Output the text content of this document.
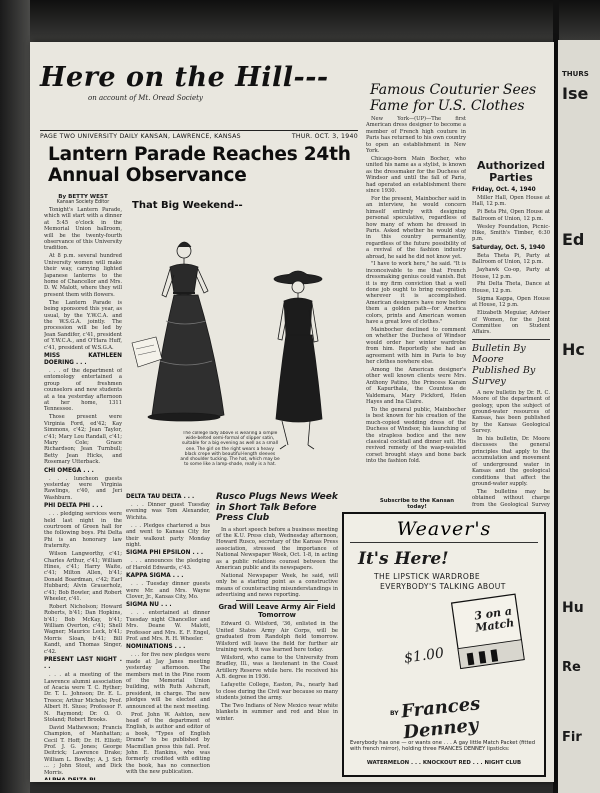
Here on the Hill---
on account of Mt. Oread Society
PAGE TWO UNIVERSITY DAILY KANSAN, LAWRENCE, KANSAS	THUR. OCT. 3, 1940
Lantern Parade Reaches 24th Annual Observance
By BETTY WEST
Kansan Society Editor

Tonight's Lantern Parade, which will start with a dinner at 5:45 o'clock in the Memorial Union ballroom, will be the twenty-fourth observance of this University tradition.

At 8 p.m. several hundred University women will make their way, carrying lighted Japanese lanterns to the home of Chancellor and Mrs. D. W. Malott, where they will present them with flowers.

The Lantern Parade is being sponsored this year, as usual, by the Y.W.C.A. and the W.S.G.A. jointly. The procession will be led by Jean Sandifer, c'41, president of Y.W.C.A., and O'Hara Huff, c'41, president of W.S.G.A.

MISS KATHLEEN DOERING . . .

. . . of the department of entomology entertained a group of freshmen counselors and new students at a tea yesterday afternoon at her home, 1311 Tennessee.

Those present were Virginia Ford, ed'42; Kay Simmons, c'42; Jean Taylor, c'41; Mary Lou Randall, c'41; Mary Cole; Grace Richardson; Jean Turnbull; Betty Jean Hicks, and Rosemary Utterback.

CHI OMEGA . . .

. . . luncheon guests yesterday were Virginia Rawlings, c'40, and Jeri Washburn.

PHI DELTA PHI . . .

. . . pledging services were held last night in the courtroom of Green hall for the following boys. Phi Delta Phi is an honorary law fraternity.

Wilson Langworthy, c'41; Charles Arthur, c'41; William Hines, c'41; Harry Waite, c'41; Milton Allen, b'41; Donald Boardman, c'42; Earl Hubbard; Alvin Grauerholz, c'41; Bob Bowler, and Robert Wheeler, c'41.

Robert Nicholson; Howard Roberts, b'41; Dan Hopkins, b'41; Bob McKay, b'41; William Overton, c'41; Shell Wagner; Maurice Leck, b'41; Morris Sloan, b'41; Bill Kandt, and Thomas Singer, c'42.

PRESENT LAST NIGHT . . .

. . . at a meeting of the Lawrence alumni association of Acacia were T. C. Ryther; Dr. T. L. Johnson; Dr. E. L. Treece; Arthur Michels; Prof. Albert H. Sluss; Professor F. N. Raymond; Dr. O. O. Stoland; Robert Brooks.

David Mathewson; Francis Champion, of Manhattan; Cecil T. Hoff; Dr. H. Elliott; Prof. J. G. Jones; George Deitrick; Lawrence Drake; William L. Bowlby; A. J. Sch ... ; John Stout, and Dick Morris.

That Big Weekend--
The college lady above is wearing a simple wide-belted semi-formal of slipper satin, suitable for a big evening as well as a small one. The girl on the right wears a heavy black crepe with beautiful-length sleeves and shoulder tucking. The hat, which may be to some like a lamp-shade, really is a hat.
DELTA TAU DELTA . . .

. . . Dinner guest Tuesday evening was Tom Alexander, Wichita.

. . . Pledges chartered a bus and went to Kansas City for their walkout party Monday night.

SIGMA PHI EPSILON . . .

. . . announces the pledging of Harold Edwards, c'43.

KAPPA SIGMA . . .

. . . Tuesday dinner guests were Mr. and Mrs. Wayne Clover, Jr., Kansas City, Mo.

SIGMA NU . . .

. . . entertained at dinner Tuesday night Chancellor and Mrs. Deane W. Malott, Professor and Mrs. E. F. Engel, Prof. and Mrs. R. H. Wheeler.

NOMINATIONS . . .

. . . for five new pledges were made at Jay Janes meeting yesterday afternoon. The members met in the Pine room of the Memorial Union building, with Ruth Ashcraft, president, in charge. The new pledges will be elected and announced at the next meeting.

Prof. John W. Ashton, new head of the department of English, is author and editor of a book, "Types of English Drama" to be published by Macmillan press this fall. Prof. John E. Hankins, who was formerly credited with editing the book, has no connection with the new publication.

Rusco Plugs News Week in Short Talk Before Press Club

In a short speech before a business meeting of the K.U. Press club, Wednesday afternoon, Howard Rusco, secretary of the Kansas Press association, stressed the importance of National Newspaper Week, Oct. 1-8, in acting as a public relations counsel between the American public and its newspapers.

National Newspaper Week, he said, will only be a starting point as a constructive means of counteracting misunderstandings in advertising and news reporting.

Grad Will Leave Army Air Field Tomorrow

Edward O. Wilsford, '36, enlisted in the United States Army Air Corps, will be graduated from Randolph field tomorrow. Wilsford will leave the field for further air training work, it was learned here today.

Wilsford, who came to the University from Bradley, Ill., was a lieutenant in the Coast Artillery Reserve while here. He received his A.B. degree in 1936.

Lafayette College, Easton, Pa., nearly had to close during the Civil war because so many students joined the army.

The Two Indians of New Mexico wear white blankets in summer and red and blue in winter.

Famous Couturier Sees Fame for U.S. Clothes

New York—(UP)—The first American dress designer to become a member of French high couture in Paris has returned to his own country to open an establishment in New York.

Chicago-born Main Bocher, who united his name as a stylist, is known as the dressmaker for the Duchess of Windsor and until the fall of Paris, had operated an establishment there since 1930.

For the present, Mainbocher said in an interview, he would concern himself entirely with designing personal speculative, regardless of how many of whom he dressed in Paris. Asked whether he would stay in this country permanently, regardless of the future possibility of a revival of the fashion industry abroad, he said he did not know yet.

"I have to work here," he said. "It is inconceivable to me that French dressmaking genius could vanish. But it is my firm conviction that a well done job ought to bring recognition wherever it is accomplished. American designers have now before them a golden path—for America colors, prints and American women have a great love of clothes."

Mainbocher declined to comment on whether the Duchess of Windsor would order her winter wardrobe from him. Reportedly she had an agreement with him in Paris to buy her clothes nowhere else.

Among the American designer's other well known clients were Mrs. Anthony Patino, the Princess Karam of Kapurthala, the Countess de Valdemara, Mary Pickford, Helen Hayes and Ina Claire.

To the general public, Mainbocher is best known for his creation of the much-copied wedding dress of the Duchess of Windsor, his launching of the strapless bodice and the new classical cocktail and dinner suit. His revived remedy of the wasp-waisted corset brought stays and bone back into the fashion fold.

Subscribe to the Kansan today!
Authorized Parties
Friday, Oct. 4, 1940

Miller Hall, Open House at Hall, 12 p.m.

Pi Beta Phi, Open House at Ballroom of Union, 12 p.m.

Wesley Foundation, Picnic-Hike, Smith's Timber, 6:30 p.m.

Saturday, Oct. 5, 1940

Beta Theta Pi, Party at Ballroom of Union, 12 p.m.

Jayhawk Co-op, Party at House, 12 p.m.

Phi Delta Theta, Dance at House, 12 p.m.

Sigma Kappa, Open House at House, 12 p.m.

Elizabeth Meguiar, Adviser of Women, for the Joint Committee on Student Affairs.

Bulletin By Moore Published By Survey

A new bulletin by Dr. R. C. Moore of the department of geology, upon the subject of ground-water resources of Kansas, has been published by the Kansas Geological Survey.

In his bulletin, Dr. Moore discusses the general principles that apply to the accumulation and movement of underground water in Kansas and the geological conditions that affect the ground-water supply.

The bulletins may be obtained without charge from the Geological Survey

Weaver's
It's Here!
THE LIPSTICK WARDROBE
EVERYBODY'S TALKING ABOUT
3 on a Match
$1.00
BY Frances Denney
Everybody has one — or wants one . . . A gay little Match Packet (fitted with french mirror), holding three FRANCES DENNEY lipsticks:
WATERMELON . . . KNOCKOUT RED . . . NIGHT CLUB
THURS
Ise
Ed
Hc
Hu
Re
Fir
